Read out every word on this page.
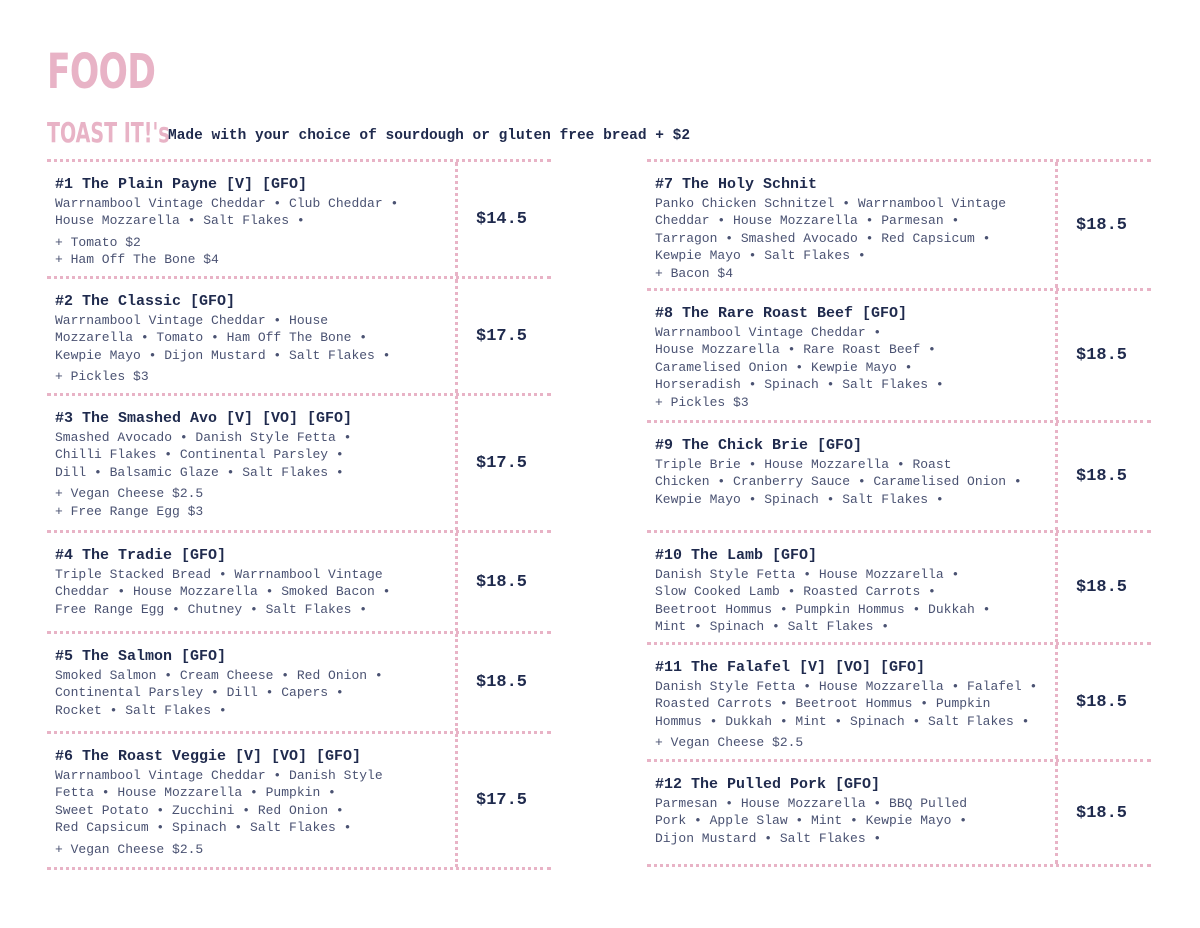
FOOD
TOAST IT!'s
Made with your choice of sourdough or gluten free bread + $2
#1 The Plain Payne [V] [GFO]
Warrnambool Vintage Cheddar • Club Cheddar •
House Mozzarella • Salt Flakes •
+ Tomato $2
+ Ham Off The Bone $4
$14.5
#2 The Classic [GFO]
Warrnambool Vintage Cheddar • House
Mozzarella • Tomato • Ham Off The Bone •
Kewpie Mayo • Dijon Mustard • Salt Flakes •
+ Pickles $3
$17.5
#3 The Smashed Avo [V] [VO] [GFO]
Smashed Avocado • Danish Style Fetta •
Chilli Flakes • Continental Parsley •
Dill • Balsamic Glaze • Salt Flakes •
+ Vegan Cheese $2.5
+ Free Range Egg $3
$17.5
#4 The Tradie [GFO]
Triple Stacked Bread • Warrnambool Vintage
Cheddar • House Mozzarella • Smoked Bacon •
Free Range Egg • Chutney • Salt Flakes •
$18.5
#5 The Salmon [GFO]
Smoked Salmon • Cream Cheese • Red Onion •
Continental Parsley • Dill • Capers •
Rocket • Salt Flakes •
$18.5
#6 The Roast Veggie [V] [VO] [GFO]
Warrnambool Vintage Cheddar • Danish Style
Fetta • House Mozzarella • Pumpkin •
Sweet Potato • Zucchini • Red Onion •
Red Capsicum • Spinach • Salt Flakes •
+ Vegan Cheese $2.5
$17.5
#7 The Holy Schnit
Panko Chicken Schnitzel • Warrnambool Vintage
Cheddar • House Mozzarella • Parmesan •
Tarragon • Smashed Avocado • Red Capsicum •
Kewpie Mayo • Salt Flakes •
+ Bacon $4
$18.5
#8 The Rare Roast Beef [GFO]
Warrnambool Vintage Cheddar •
House Mozzarella • Rare Roast Beef •
Caramelised Onion • Kewpie Mayo •
Horseradish • Spinach • Salt Flakes •
+ Pickles $3
$18.5
#9 The Chick Brie [GFO]
Triple Brie • House Mozzarella • Roast
Chicken • Cranberry Sauce • Caramelised Onion •
Kewpie Mayo • Spinach • Salt Flakes •
$18.5
#10 The Lamb [GFO]
Danish Style Fetta • House Mozzarella •
Slow Cooked Lamb • Roasted Carrots •
Beetroot Hommus • Pumpkin Hommus • Dukkah •
Mint • Spinach • Salt Flakes •
$18.5
#11 The Falafel [V] [VO] [GFO]
Danish Style Fetta • House Mozzarella • Falafel •
Roasted Carrots • Beetroot Hommus • Pumpkin
Hommus • Dukkah • Mint • Spinach • Salt Flakes •
+ Vegan Cheese $2.5
$18.5
#12 The Pulled Pork [GFO]
Parmesan • House Mozzarella • BBQ Pulled
Pork • Apple Slaw • Mint • Kewpie Mayo •
Dijon Mustard • Salt Flakes •
$18.5
